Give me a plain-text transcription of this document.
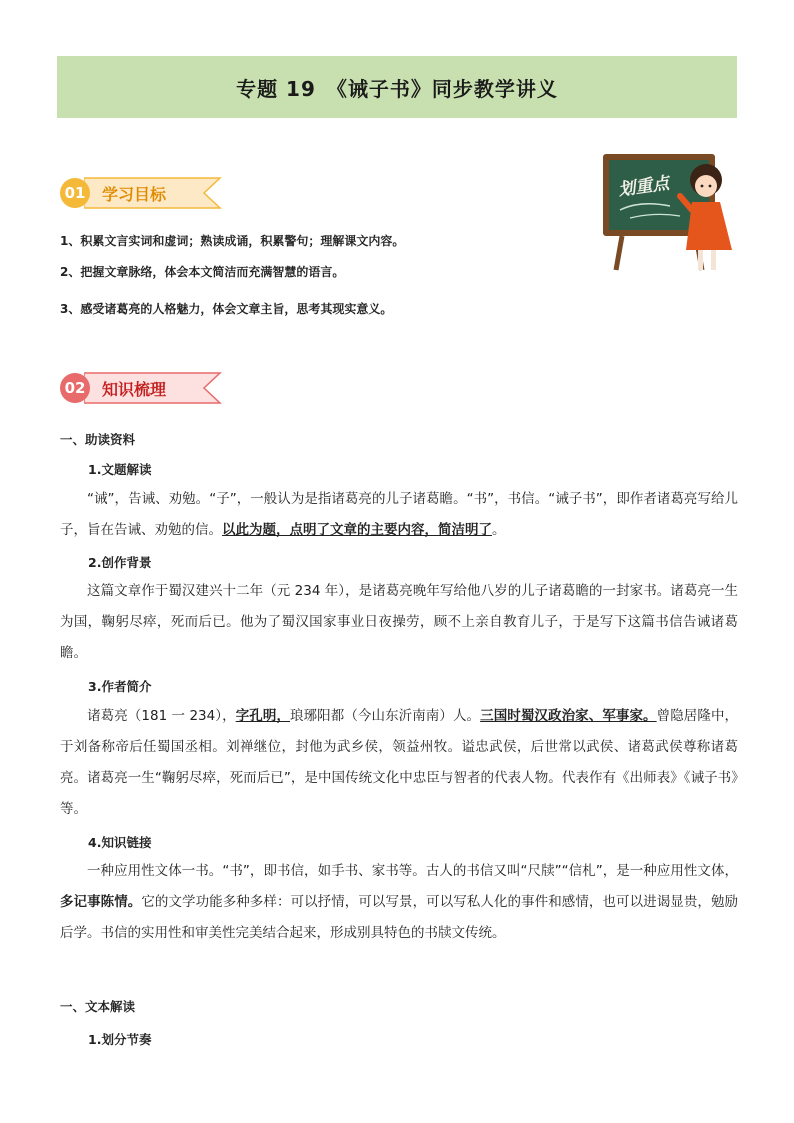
专题 19　《诫子书》同步教学讲义
01 学习目标	划重点
1、积累文言实词和虚词；熟读成诵，积累警句；理解课文内容。
2、把握文章脉络，体会本文简洁而充满智慧的语言。
3、感受诸葛亮的人格魅力，体会文章主旨，思考其现实意义。
02 知识梳理
一、助读资料
1.文题解读
“诫”，告诫、劝勉。“子”，一般认为是指诸葛亮的儿子诸葛瞻。“书”，书信。“诫子书”，即作者诸葛亮写给儿子，旨在告诫、劝勉的信。以此为题，点明了文章的主要内容，简洁明了。
2.创作背景
这篇文章作于蜀汉建兴十二年（元 234 年），是诸葛亮晚年写给他八岁的儿子诸葛瞻的一封家书。诸葛亮一生为国，鞠躬尽瘁，死而后已。他为了蜀汉国家事业日夜操劳，顾不上亲自教育儿子，于是写下这篇书信告诫诸葛瞻。
3.作者简介
诸葛亮（181 一 234），字孔明，琅琊阳都（今山东沂南南）人。三国时蜀汉政治家、军事家。曾隐居隆中，于刘备称帝后任蜀国丞相。刘禅继位，封他为武乡侯，领益州牧。谥忠武侯，后世常以武侯、诸葛武侯尊称诸葛亮。诸葛亮一生“鞠躬尽瘁，死而后已”，是中国传统文化中忠臣与智者的代表人物。代表作有《出师表》《诫子书》等。
4.知识链接
一种应用性文体一书。“书”，即书信，如手书、家书等。古人的书信又叫“尺牍”“信札”，是一种应用性文体，多记事陈情。它的文学功能多种多样：可以抒情，可以写景，可以写私人化的事件和感情，也可以进谒显贵，勉励后学。书信的实用性和审美性完美结合起来，形成别具特色的书牍文传统。
一、文本解读
1.划分节奏
